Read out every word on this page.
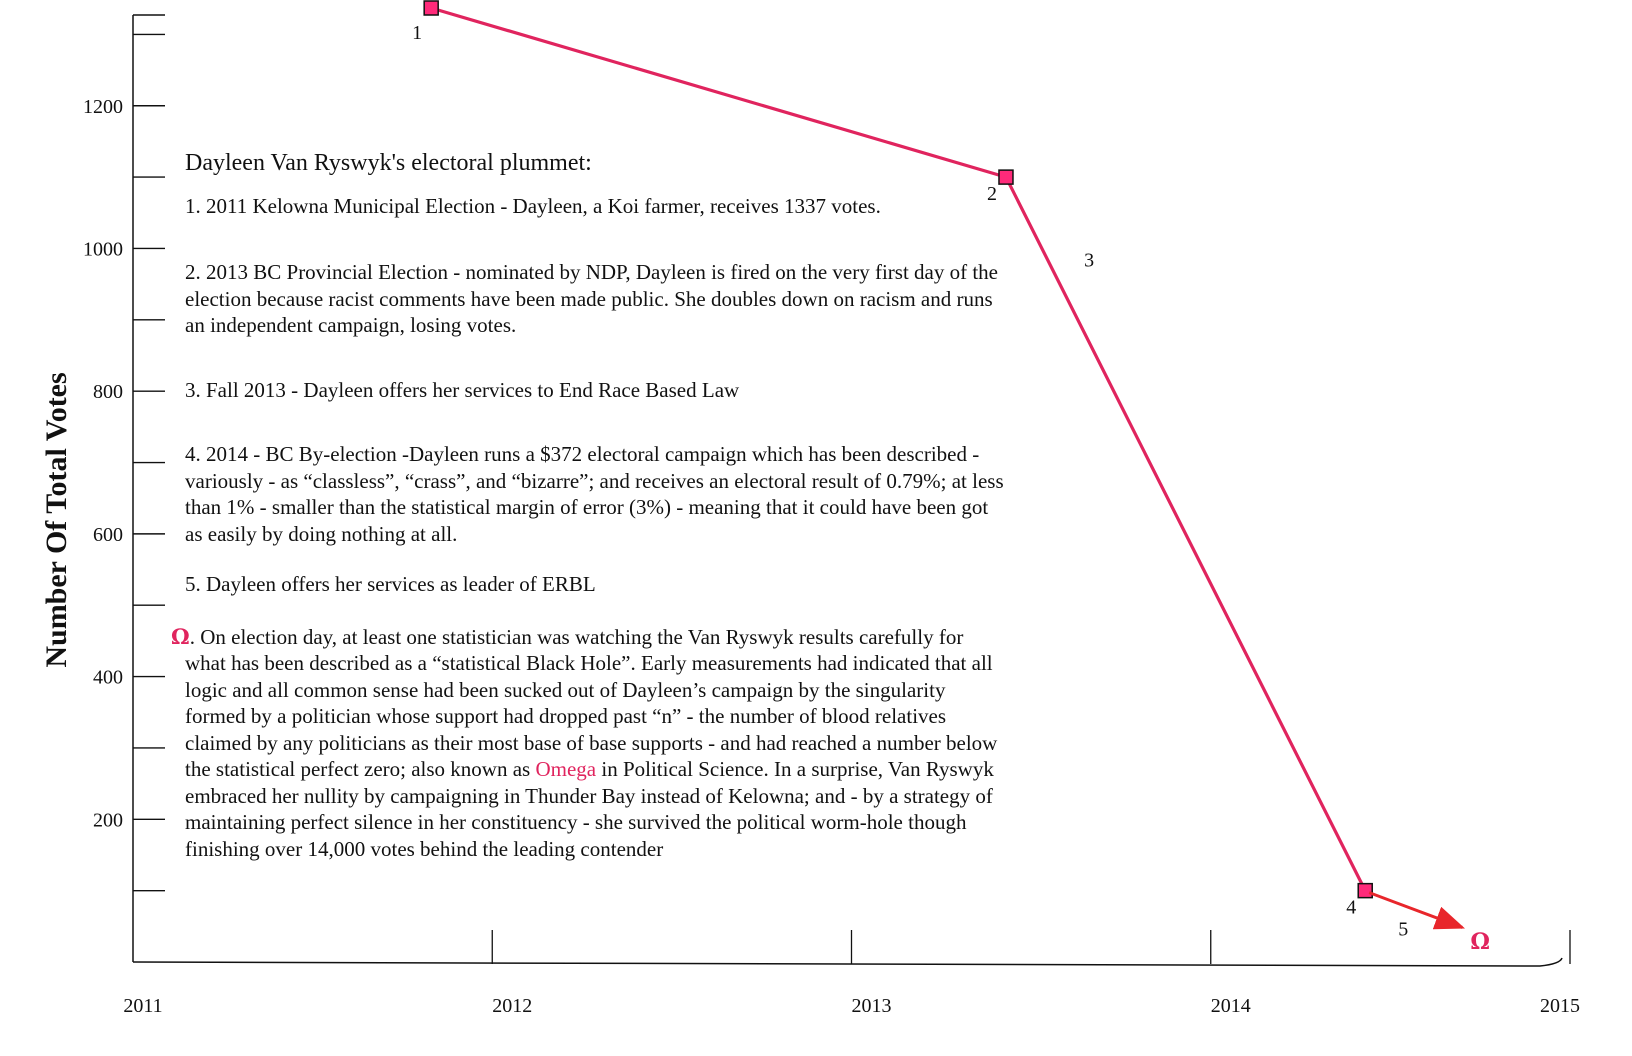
200
400
600
800
1000
1200
2011	2012	2013	2014	2015
Number Of Total Votes
3
5
1
2
4
Ω

Dayleen Van Ryswyk's electoral plummet:

1. 2011 Kelowna Municipal Election - Dayleen, a Koi farmer, receives 1337 votes.

2. 2013 BC Provincial Election - nominated by NDP, Dayleen is fired on the very first day of the election because racist comments have been made public. She doubles down on racism and runs an independent campaign, losing votes.

3. Fall 2013 - Dayleen offers her services to End Race Based Law

4. 2014 - BC By-election -Dayleen runs a $372 electoral campaign which has been described - variously - as “classless”, “crass”, and “bizarre”; and receives an electoral result of 0.79%; at less than 1% - smaller than the statistical margin of error (3%) - meaning that it could have been got as easily by doing nothing at all.

5. Dayleen offers her services as leader of ERBL

Ω. On election day, at least one statistician was watching the Van Ryswyk results carefully for what has been described as a “statistical Black Hole”. Early measurements had indicated that all logic and all common sense had been sucked out of Dayleen’s campaign by the singularity formed by a politician whose support had dropped past “n” - the number of blood relatives claimed by any politicians as their most base of base supports - and had reached a number below the statistical perfect zero; also known as Omega in Political Science. In a surprise, Van Ryswyk embraced her nullity by campaigning in Thunder Bay instead of Kelowna; and - by a strategy of maintaining perfect silence in her constituency - she survived the political worm-hole though finishing over 14,000 votes behind the leading contender
